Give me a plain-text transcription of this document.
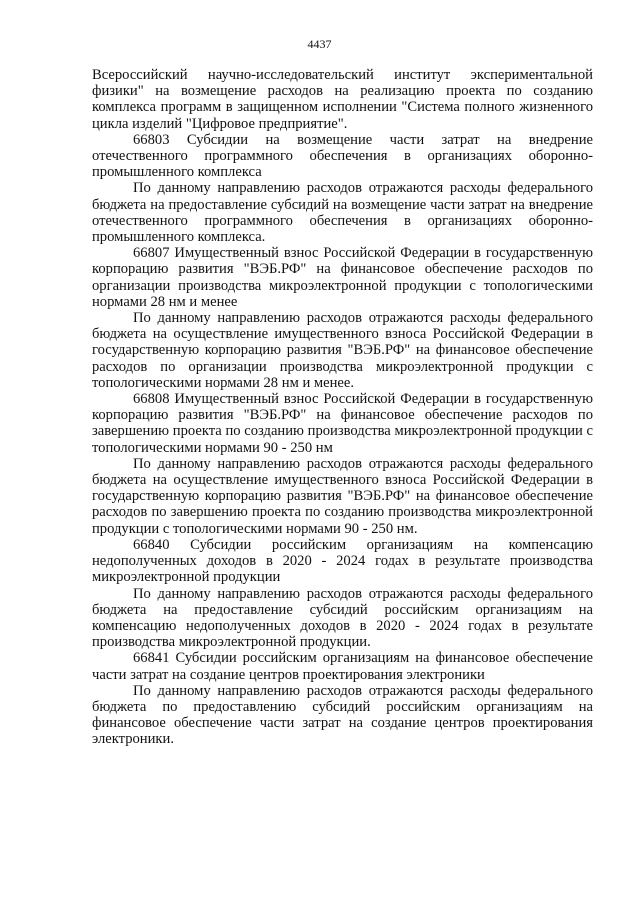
4437

Всероссийский научно-исследовательский институт экспериментальной физики" на возмещение расходов на реализацию проекта по созданию комплекса программ в защищенном исполнении "Система полного жизненного цикла изделий "Цифровое предприятие".

66803 Субсидии на возмещение части затрат на внедрение отечественного программного обеспечения в организациях оборонно-промышленного комплекса

По данному направлению расходов отражаются расходы федерального бюджета на предоставление субсидий на возмещение части затрат на внедрение отечественного программного обеспечения в организациях оборонно-промышленного комплекса.

66807 Имущественный взнос Российской Федерации в государственную корпорацию развития "ВЭБ.РФ" на финансовое обеспечение расходов по организации производства микроэлектронной продукции с топологическими нормами 28 нм и менее

По данному направлению расходов отражаются расходы федерального бюджета на осуществление имущественного взноса Российской Федерации в государственную корпорацию развития "ВЭБ.РФ" на финансовое обеспечение расходов по организации производства микроэлектронной продукции с топологическими нормами 28 нм и менее.

66808 Имущественный взнос Российской Федерации в государственную корпорацию развития "ВЭБ.РФ" на финансовое обеспечение расходов по завершению проекта по созданию производства микроэлектронной продукции с топологическими нормами 90 - 250 нм

По данному направлению расходов отражаются расходы федерального бюджета на осуществление имущественного взноса Российской Федерации в государственную корпорацию развития "ВЭБ.РФ" на финансовое обеспечение расходов по завершению проекта по созданию производства микроэлектронной продукции с топологическими нормами 90 - 250 нм.

66840 Субсидии российским организациям на компенсацию недополученных доходов в 2020 - 2024 годах в результате производства микроэлектронной продукции

По данному направлению расходов отражаются расходы федерального бюджета на предоставление субсидий российским организациям на компенсацию недополученных доходов в 2020 - 2024 годах в результате производства микроэлектронной продукции.

66841 Субсидии российским организациям на финансовое обеспечение части затрат на создание центров проектирования электроники

По данному направлению расходов отражаются расходы федерального бюджета по предоставлению субсидий российским организациям на финансовое обеспечение части затрат на создание центров проектирования электроники.
